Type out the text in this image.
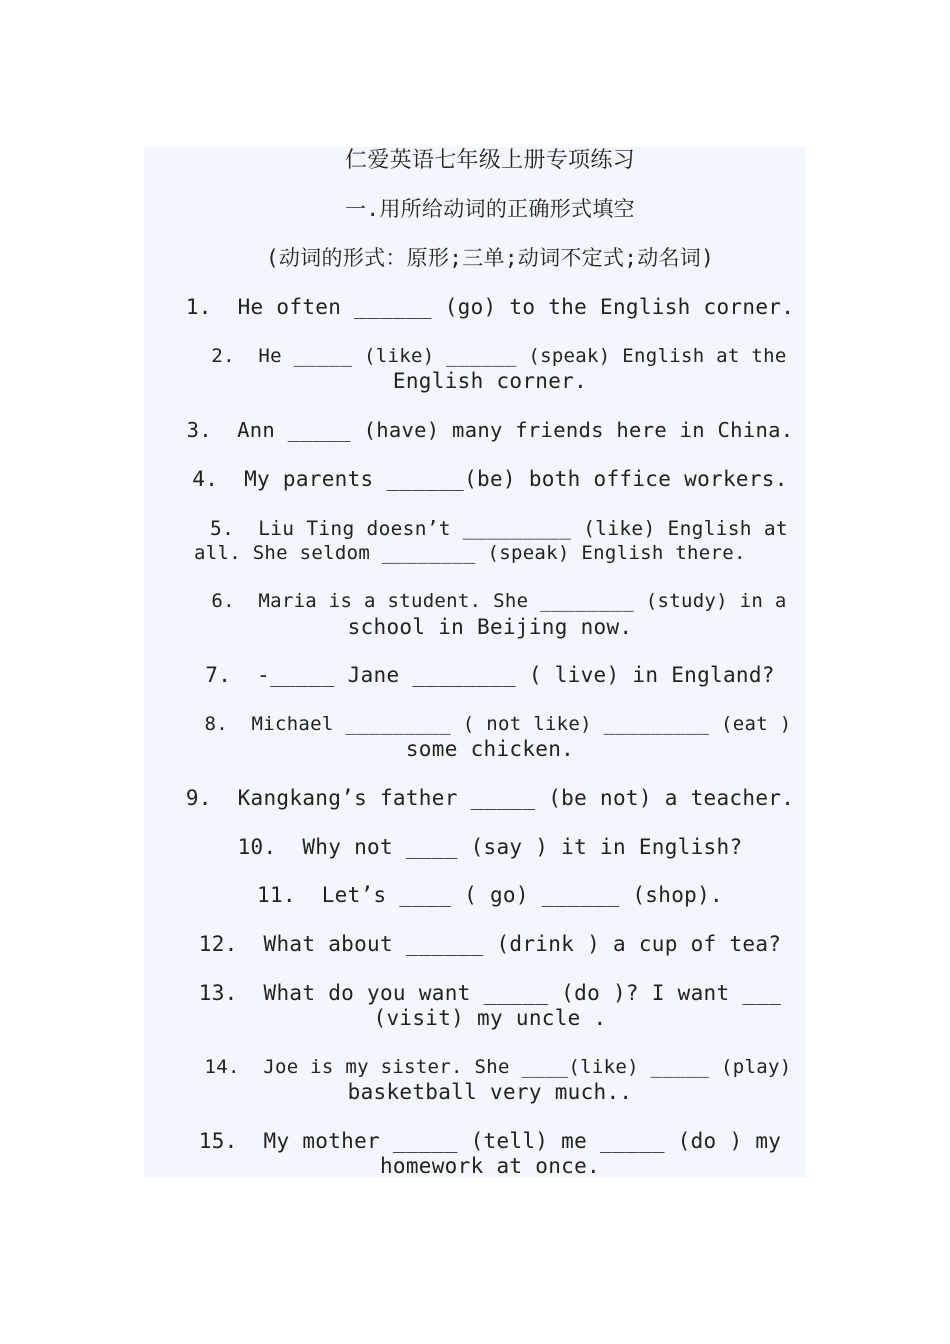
仁爱英语七年级上册专项练习
一.用所给动词的正确形式填空
(动词的形式：原形;三单;动词不定式;动名词)
1.  He often ______ (go) to the English corner.
2.  He _____ (like) ______ (speak) English at the
English corner.
3.  Ann _____ (have) many friends here in China.
4.  My parents ______(be) both office workers.
5.  Liu Ting doesn’t _________ (like) English at
all. She seldom ________ (speak) English there.
6.  Maria is a student. She ________ (study) in a
school in Beijing now.
7.  -_____ Jane ________ ( live) in England?
8.  Michael _________ ( not like) _________ (eat )
some chicken.
9.  Kangkang’s father _____ (be not) a teacher.
10.  Why not ____ (say ) it in English?
11.  Let’s ____ ( go) ______ (shop).
12.  What about ______ (drink ) a cup of tea?
13.  What do you want _____ (do )? I want ___
(visit) my uncle .
14.  Joe is my sister. She ____(like) _____ (play)
basketball very much..
15.  My mother _____ (tell) me _____ (do ) my
homework at once.
